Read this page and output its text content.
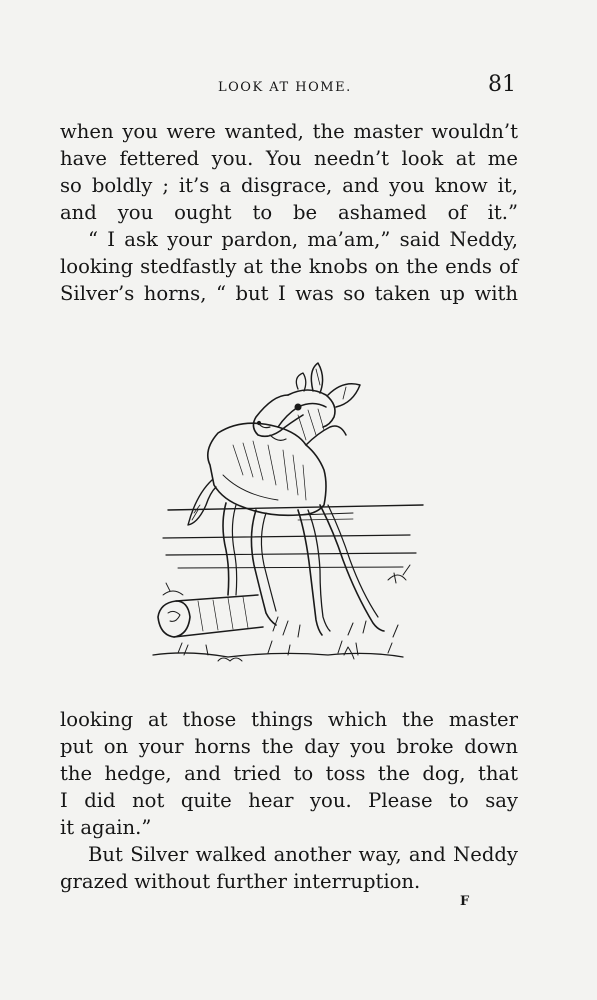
LOOK AT HOME.	81

when you were wanted, the master wouldn’t
have fettered you. You needn’t look at me
so boldly ; it’s a disgrace, and you know it,
and you ought to be ashamed of it.”

“ I ask your pardon, ma’am,” said Neddy,
looking stedfastly at the knobs on the ends of
Silver’s horns, “ but I was so taken up with

looking at those things which the master
put on your horns the day you broke down
the hedge, and tried to toss the dog, that
I did not quite hear you. Please to say

it again.”

But Silver walked another way, and Neddy

grazed without further interruption.

F
